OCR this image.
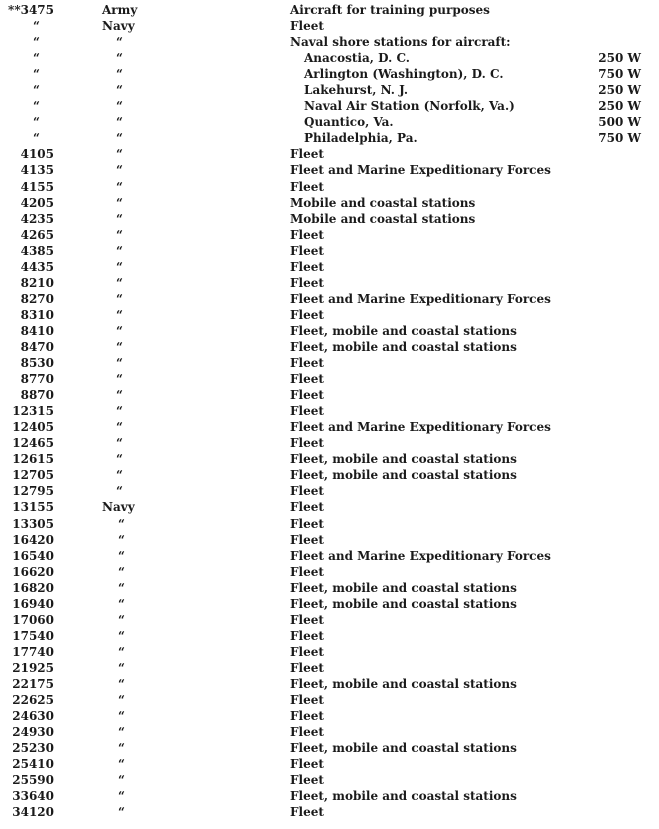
**3475	Army	Aircraft for training purposes
“	Navy	Fleet
“	“	Naval shore stations for aircraft:
“	“	Anacostia, D. C.	250 W
“	“	Arlington (Washington), D. C.	750 W
“	“	Lakehurst, N. J.	250 W
“	“	Naval Air Station (Norfolk, Va.)	250 W
“	“	Quantico, Va.	500 W
“	“	Philadelphia, Pa.	750 W
4105	“	Fleet
4135	“	Fleet and Marine Expeditionary Forces
4155	“	Fleet
4205	“	Mobile and coastal stations
4235	“	Mobile and coastal stations
4265	“	Fleet
4385	“	Fleet
4435	“	Fleet
8210	“	Fleet
8270	“	Fleet and Marine Expeditionary Forces
8310	“	Fleet
8410	“	Fleet, mobile and coastal stations
8470	“	Fleet, mobile and coastal stations
8530	“	Fleet
8770	“	Fleet
8870	“	Fleet
12315	“	Fleet
12405	“	Fleet and Marine Expeditionary Forces
12465	“	Fleet
12615	“	Fleet, mobile and coastal stations
12705	“	Fleet, mobile and coastal stations
12795	“	Fleet
13155	Navy	Fleet
13305	“	Fleet
16420	“	Fleet
16540	“	Fleet and Marine Expeditionary Forces
16620	“	Fleet
16820	“	Fleet, mobile and coastal stations
16940	“	Fleet, mobile and coastal stations
17060	“	Fleet
17540	“	Fleet
17740	“	Fleet
21925	“	Fleet
22175	“	Fleet, mobile and coastal stations
22625	“	Fleet
24630	“	Fleet
24930	“	Fleet
25230	“	Fleet, mobile and coastal stations
25410	“	Fleet
25590	“	Fleet
33640	“	Fleet, mobile and coastal stations
34120	“	Fleet
